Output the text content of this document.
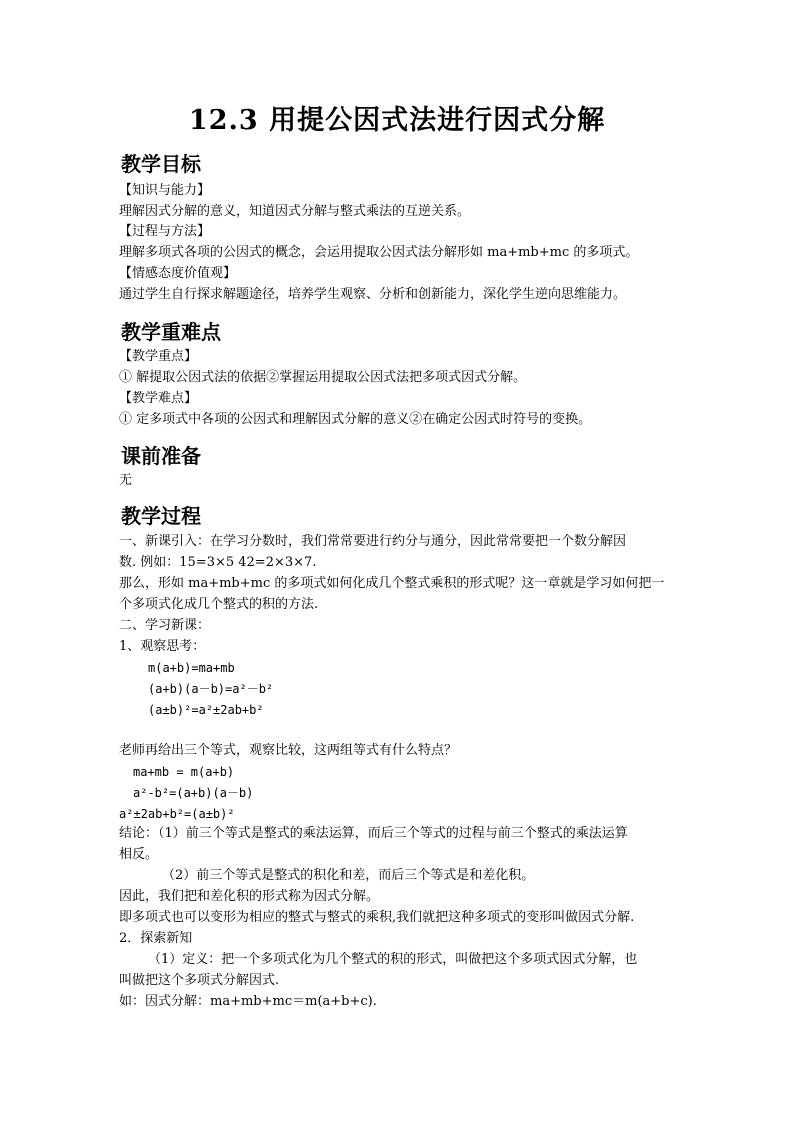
12.3 用提公因式法进行因式分解
教学目标
【知识与能力】
理解因式分解的意义，知道因式分解与整式乘法的互逆关系。
【过程与方法】
理解多项式各项的公因式的概念，会运用提取公因式法分解形如 ma+mb+mc 的多项式。
【情感态度价值观】
通过学生自行探求解题途径，培养学生观察、分析和创新能力，深化学生逆向思维能力。
教学重难点
【教学重点】
① 解提取公因式法的依据②掌握运用提取公因式法把多项式因式分解。
【教学难点】
① 定多项式中各项的公因式和理解因式分解的意义②在确定公因式时符号的变换。
课前准备
无
教学过程
一、新课引入：在学习分数时，我们常常要进行约分与通分，因此常常要把一个数分解因
数. 例如：15=3×5 42=2×3×7.
那么，形如 ma+mb+mc 的多项式如何化成几个整式乘积的形式呢？这一章就是学习如何把一
个多项式化成几个整式的积的方法.
二、学习新课：
1、观察思考：
m(a+b)=ma+mb
(a+b)(a－b)=a²－b²
(a±b)²=a²±2ab+b²
老师再给出三个等式，观察比较，这两组等式有什么特点？
ma+mb = m(a+b)
a²-b²=(a+b)(a－b)
a²±2ab+b²=(a±b)²
结论：（1）前三个等式是整式的乘法运算，而后三个等式的过程与前三个整式的乘法运算
相反。
（2）前三个等式是整式的积化和差，而后三个等式是和差化积。
因此，我们把和差化积的形式称为因式分解。
即多项式也可以变形为相应的整式与整式的乘积,我们就把这种多项式的变形叫做因式分解.
2．探索新知
（1）定义：把一个多项式化为几个整式的积的形式，叫做把这个多项式因式分解，也
叫做把这个多项式分解因式.
如：因式分解：ma+mb+mc＝m(a+b+c).
